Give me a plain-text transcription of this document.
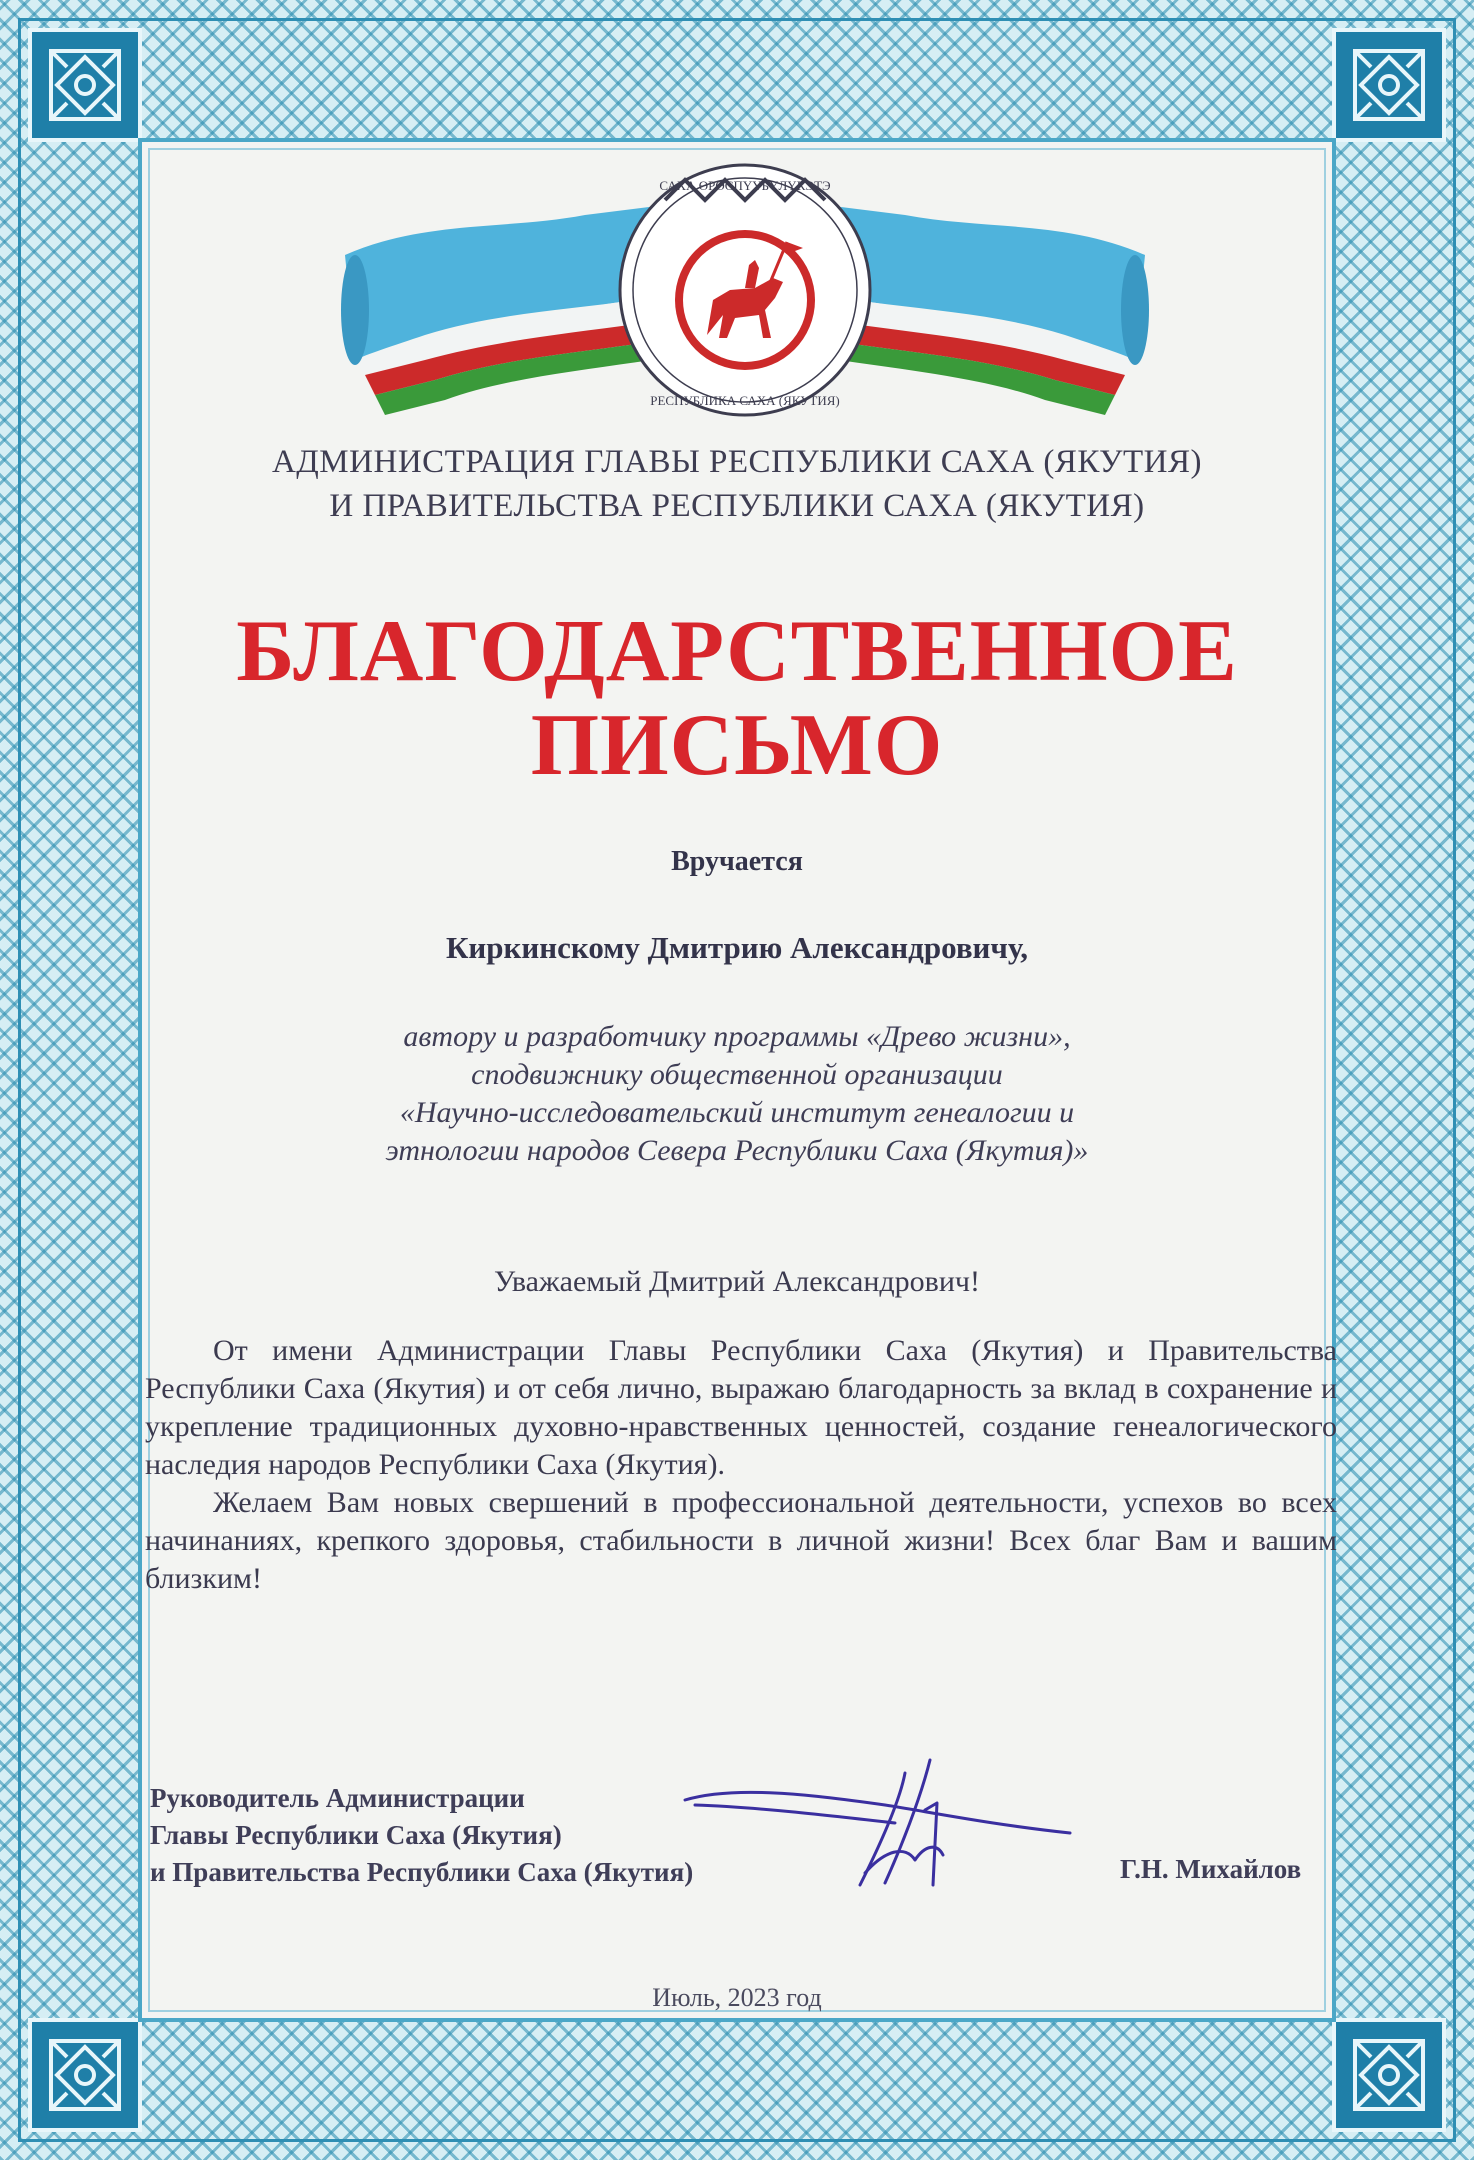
РЕСПУБЛИКА САХА (ЯКУТИЯ)
САХА ӨРӨСПҮҮБҮЛҮКЭТЭ
АДМИНИСТРАЦИЯ ГЛАВЫ РЕСПУБЛИКИ САХА (ЯКУТИЯ)
И ПРАВИТЕЛЬСТВА РЕСПУБЛИКИ САХА (ЯКУТИЯ)
БЛАГОДАРСТВЕННОЕ
ПИСЬМО
Вручается
Киркинскому Дмитрию Александровичу,
автору и разработчику программы «Древо жизни»,
сподвижнику общественной организации
«Научно-исследовательский институт генеалогии и
этнологии народов Севера Республики Саха (Якутия)»
Уважаемый Дмитрий Александрович!

От имени Администрации Главы Республики Саха (Якутия) и Правительства Республики Саха (Якутия) и от себя лично, выражаю благодарность за вклад в сохранение и укрепление традиционных духовно-нравственных ценностей, создание генеалогического наследия народов Республики Саха (Якутия).

Желаем Вам новых свершений в профессиональной деятельности, успехов во всех начинаниях, крепкого здоровья, стабильности в личной жизни! Всех благ Вам и вашим близким!

Руководитель Администрации
Главы Республики Саха (Якутия)
и Правительства Республики Саха (Якутия)	Г.Н. Михайлов
Июль, 2023 год
